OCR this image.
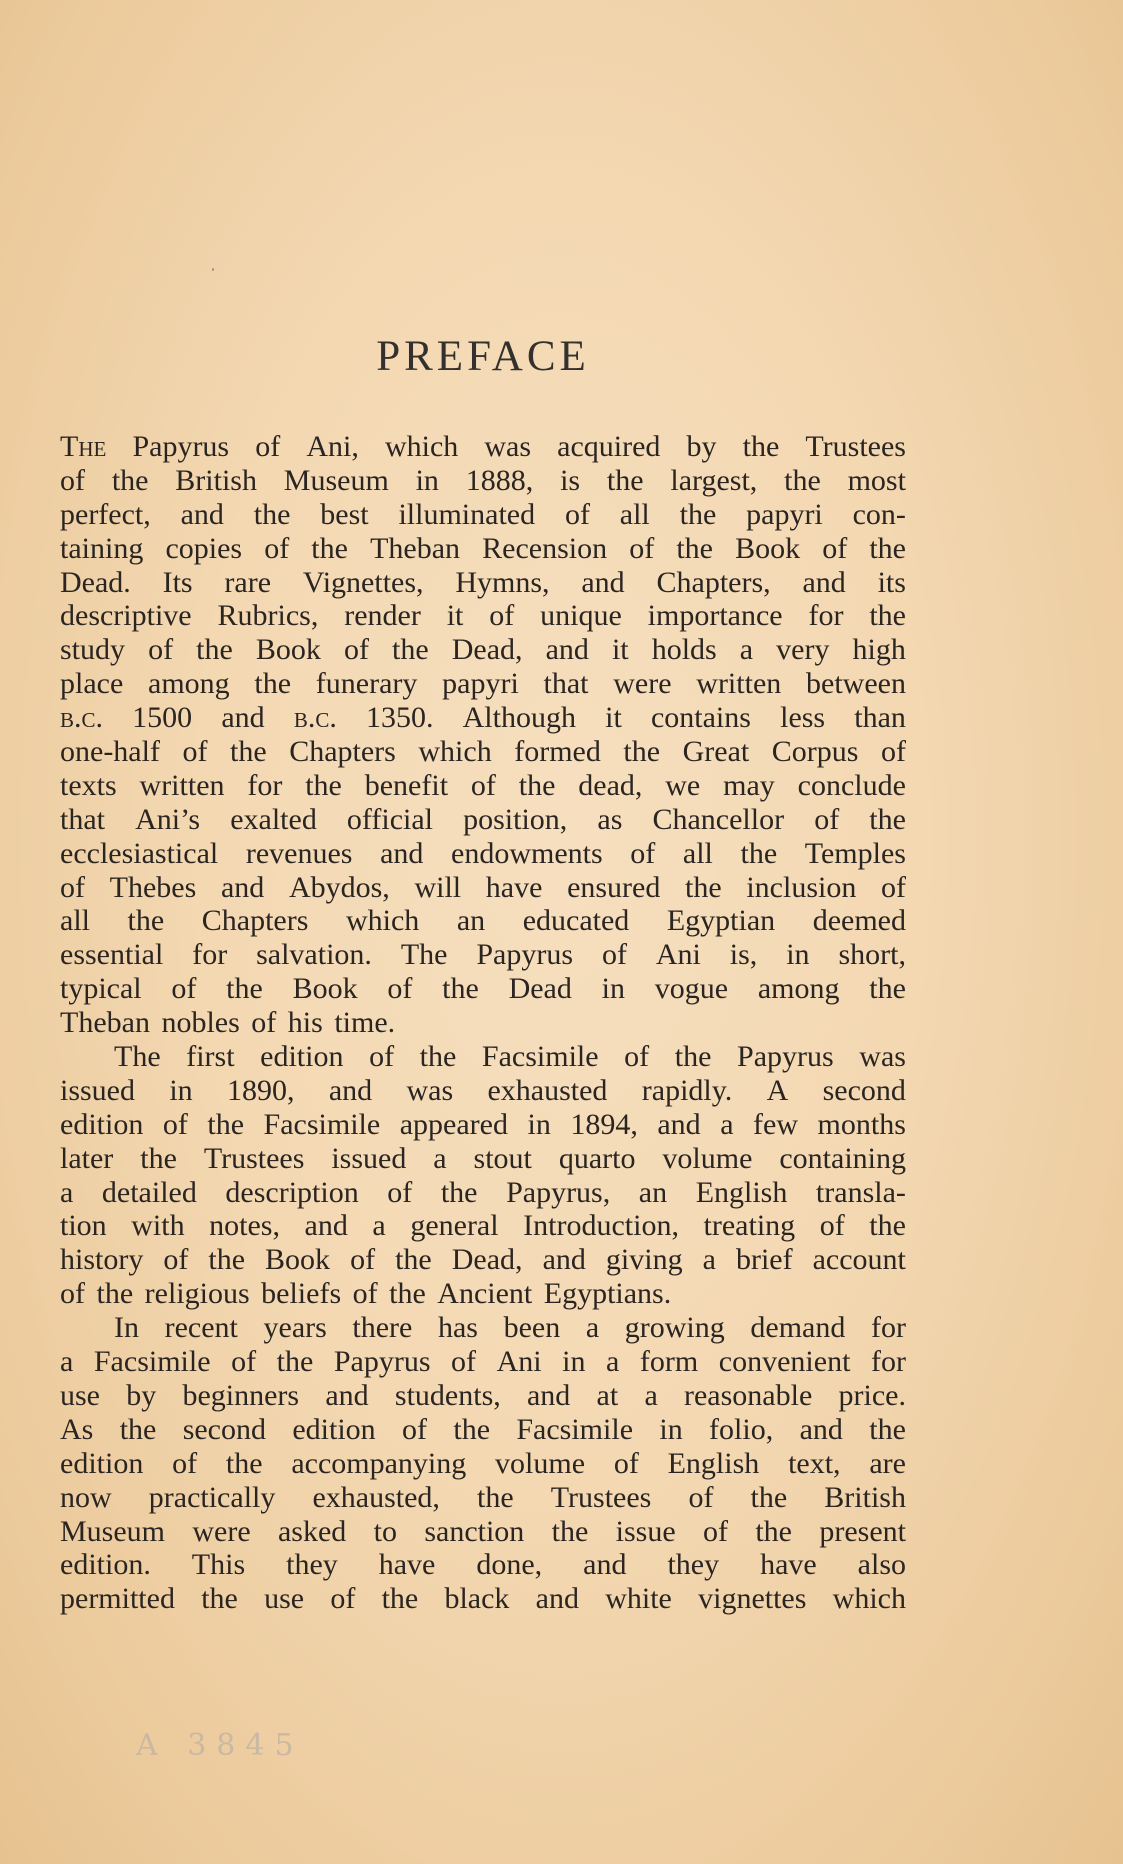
PREFACE
The Papyrus of Ani, which was acquired by the Trustees
of the British Museum in 1888, is the largest, the most
perfect, and the best illuminated of all the papyri con-
taining copies of the Theban Recension of the Book of the
Dead. Its rare Vignettes, Hymns, and Chapters, and its
descriptive Rubrics, render it of unique importance for the
study of the Book of the Dead, and it holds a very high
place among the funerary papyri that were written between
b.c. 1500 and b.c. 1350. Although it contains less than
one-half of the Chapters which formed the Great Corpus of
texts written for the benefit of the dead, we may conclude
that Ani’s exalted official position, as Chancellor of the
ecclesiastical revenues and endowments of all the Temples
of Thebes and Abydos, will have ensured the inclusion of
all the Chapters which an educated Egyptian deemed
essential for salvation. The Papyrus of Ani is, in short,
typical of the Book of the Dead in vogue among the
Theban nobles of his time.
The first edition of the Facsimile of the Papyrus was
issued in 1890, and was exhausted rapidly. A second
edition of the Facsimile appeared in 1894, and a few months
later the Trustees issued a stout quarto volume containing
a detailed description of the Papyrus, an English transla-
tion with notes, and a general Introduction, treating of the
history of the Book of the Dead, and giving a brief account
of the religious beliefs of the Ancient Egyptians.
In recent years there has been a growing demand for
a Facsimile of the Papyrus of Ani in a form convenient for
use by beginners and students, and at a reasonable price.
As the second edition of the Facsimile in folio, and the
edition of the accompanying volume of English text, are
now practically exhausted, the Trustees of the British
Museum were asked to sanction the issue of the present
edition. This they have done, and they have also
permitted the use of the black and white vignettes which
A 3845
